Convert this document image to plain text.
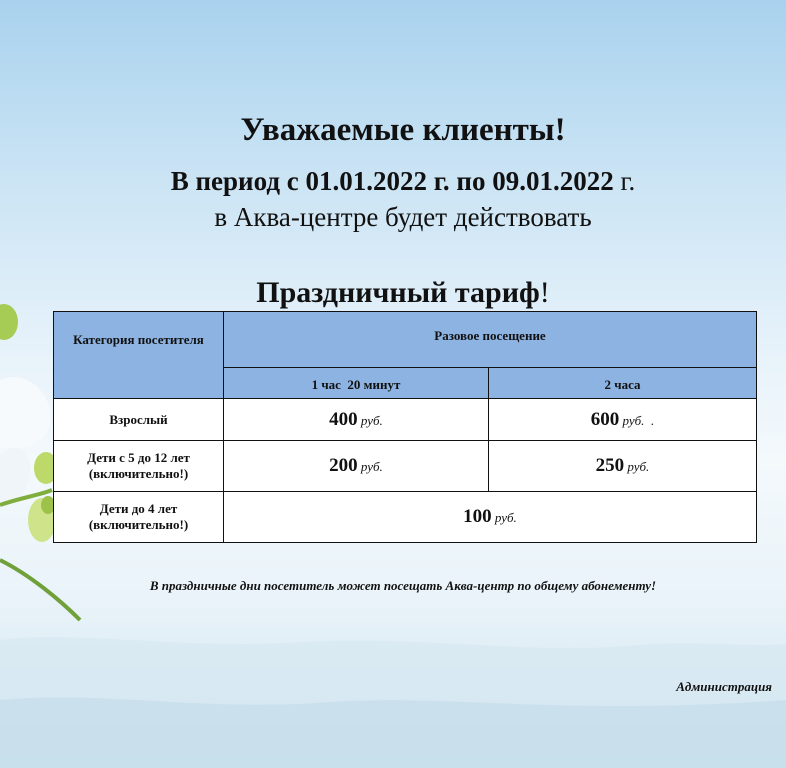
Уважаемые клиенты!
В период с 01.01.2022 г. по 09.01.2022 г.
в Аква-центре будет действовать
Праздничный тариф!
Категория посетителя	Разовое посещение	
	1 час  20 минут	2 часа
Взрослый	400 руб.	600 руб.  .
Дети с 5 до 12 лет
(включительно!)	200 руб.	250 руб.
Дети до 4 лет
(включительно!)	100 руб.	
В праздничные дни посетитель может посещать Аква-центр по общему абонементу!
Администрация
